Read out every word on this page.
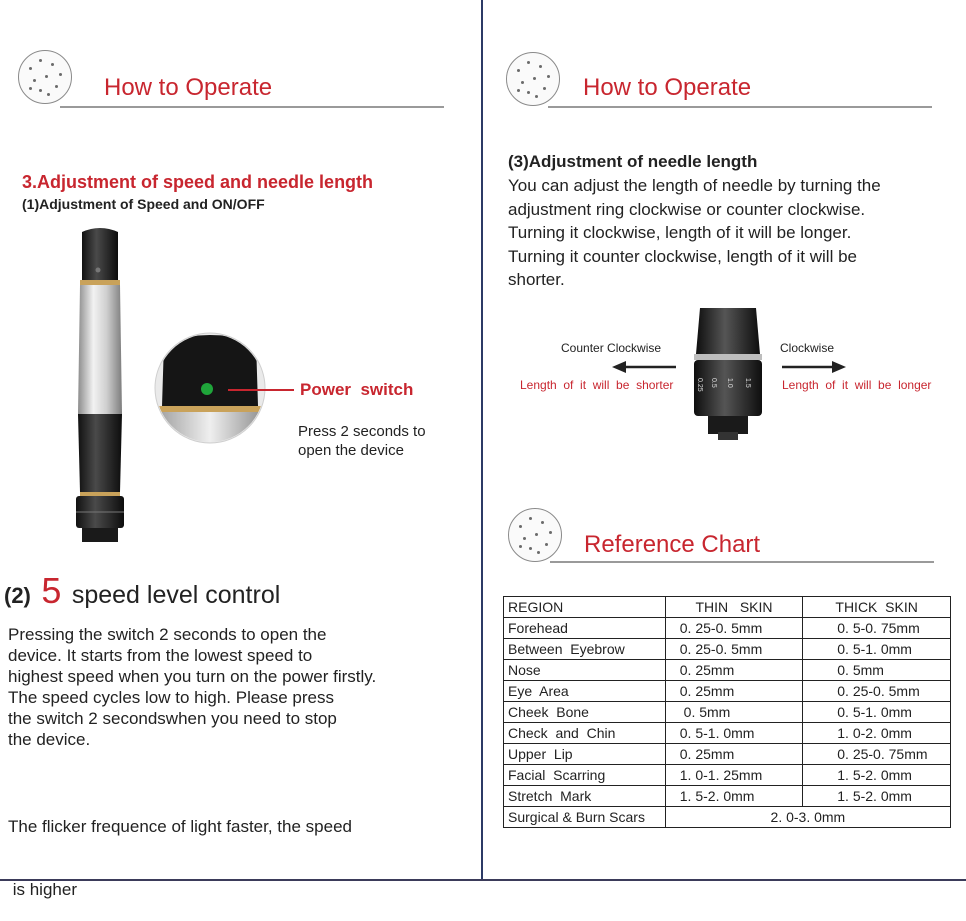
How to Operate
3.Adjustment of speed and needle length
(1)Adjustment of Speed and ON/OFF
Power  switch
Press 2 seconds to
open the device
(2) 5 speed level control
Pressing the switch 2 seconds to open the
device. It starts from the lowest speed to
highest speed when you turn on the power firstly.
The speed cycles low to high. Please press
the switch 2 secondswhen you need to stop
the device.

The flicker frequence of light faster, the speed

is higher

How to Operate
(3)Adjustment of needle length
You can adjust the length of needle by turning the
adjustment ring clockwise or counter clockwise.
Turning it clockwise, length of it will be longer.
Turning it counter clockwise, length of it will be
shorter.
Counter Clockwise
Length  of  it  will  be  shorter	0.25 0.5 1.0 1.5
Clockwise
Length  of  it  will  be  longer
Reference Chart
REGION	THIN   SKIN	THICK  SKIN
Forehead	0. 25-0. 5mm	0. 5-0. 75mm
Between  Eyebrow	0. 25-0. 5mm	0. 5-1. 0mm
Nose	0. 25mm	0. 5mm
Eye  Area	0. 25mm	0. 25-0. 5mm
Cheek  Bone	0. 5mm	0. 5-1. 0mm
Check  and  Chin	0. 5-1. 0mm	1. 0-2. 0mm
Upper  Lip	0. 25mm	0. 25-0. 75mm
Facial  Scarring	1. 0-1. 25mm	1. 5-2. 0mm
Stretch  Mark	1. 5-2. 0mm	1. 5-2. 0mm
Surgical & Burn Scars	2. 0-3. 0mm	
